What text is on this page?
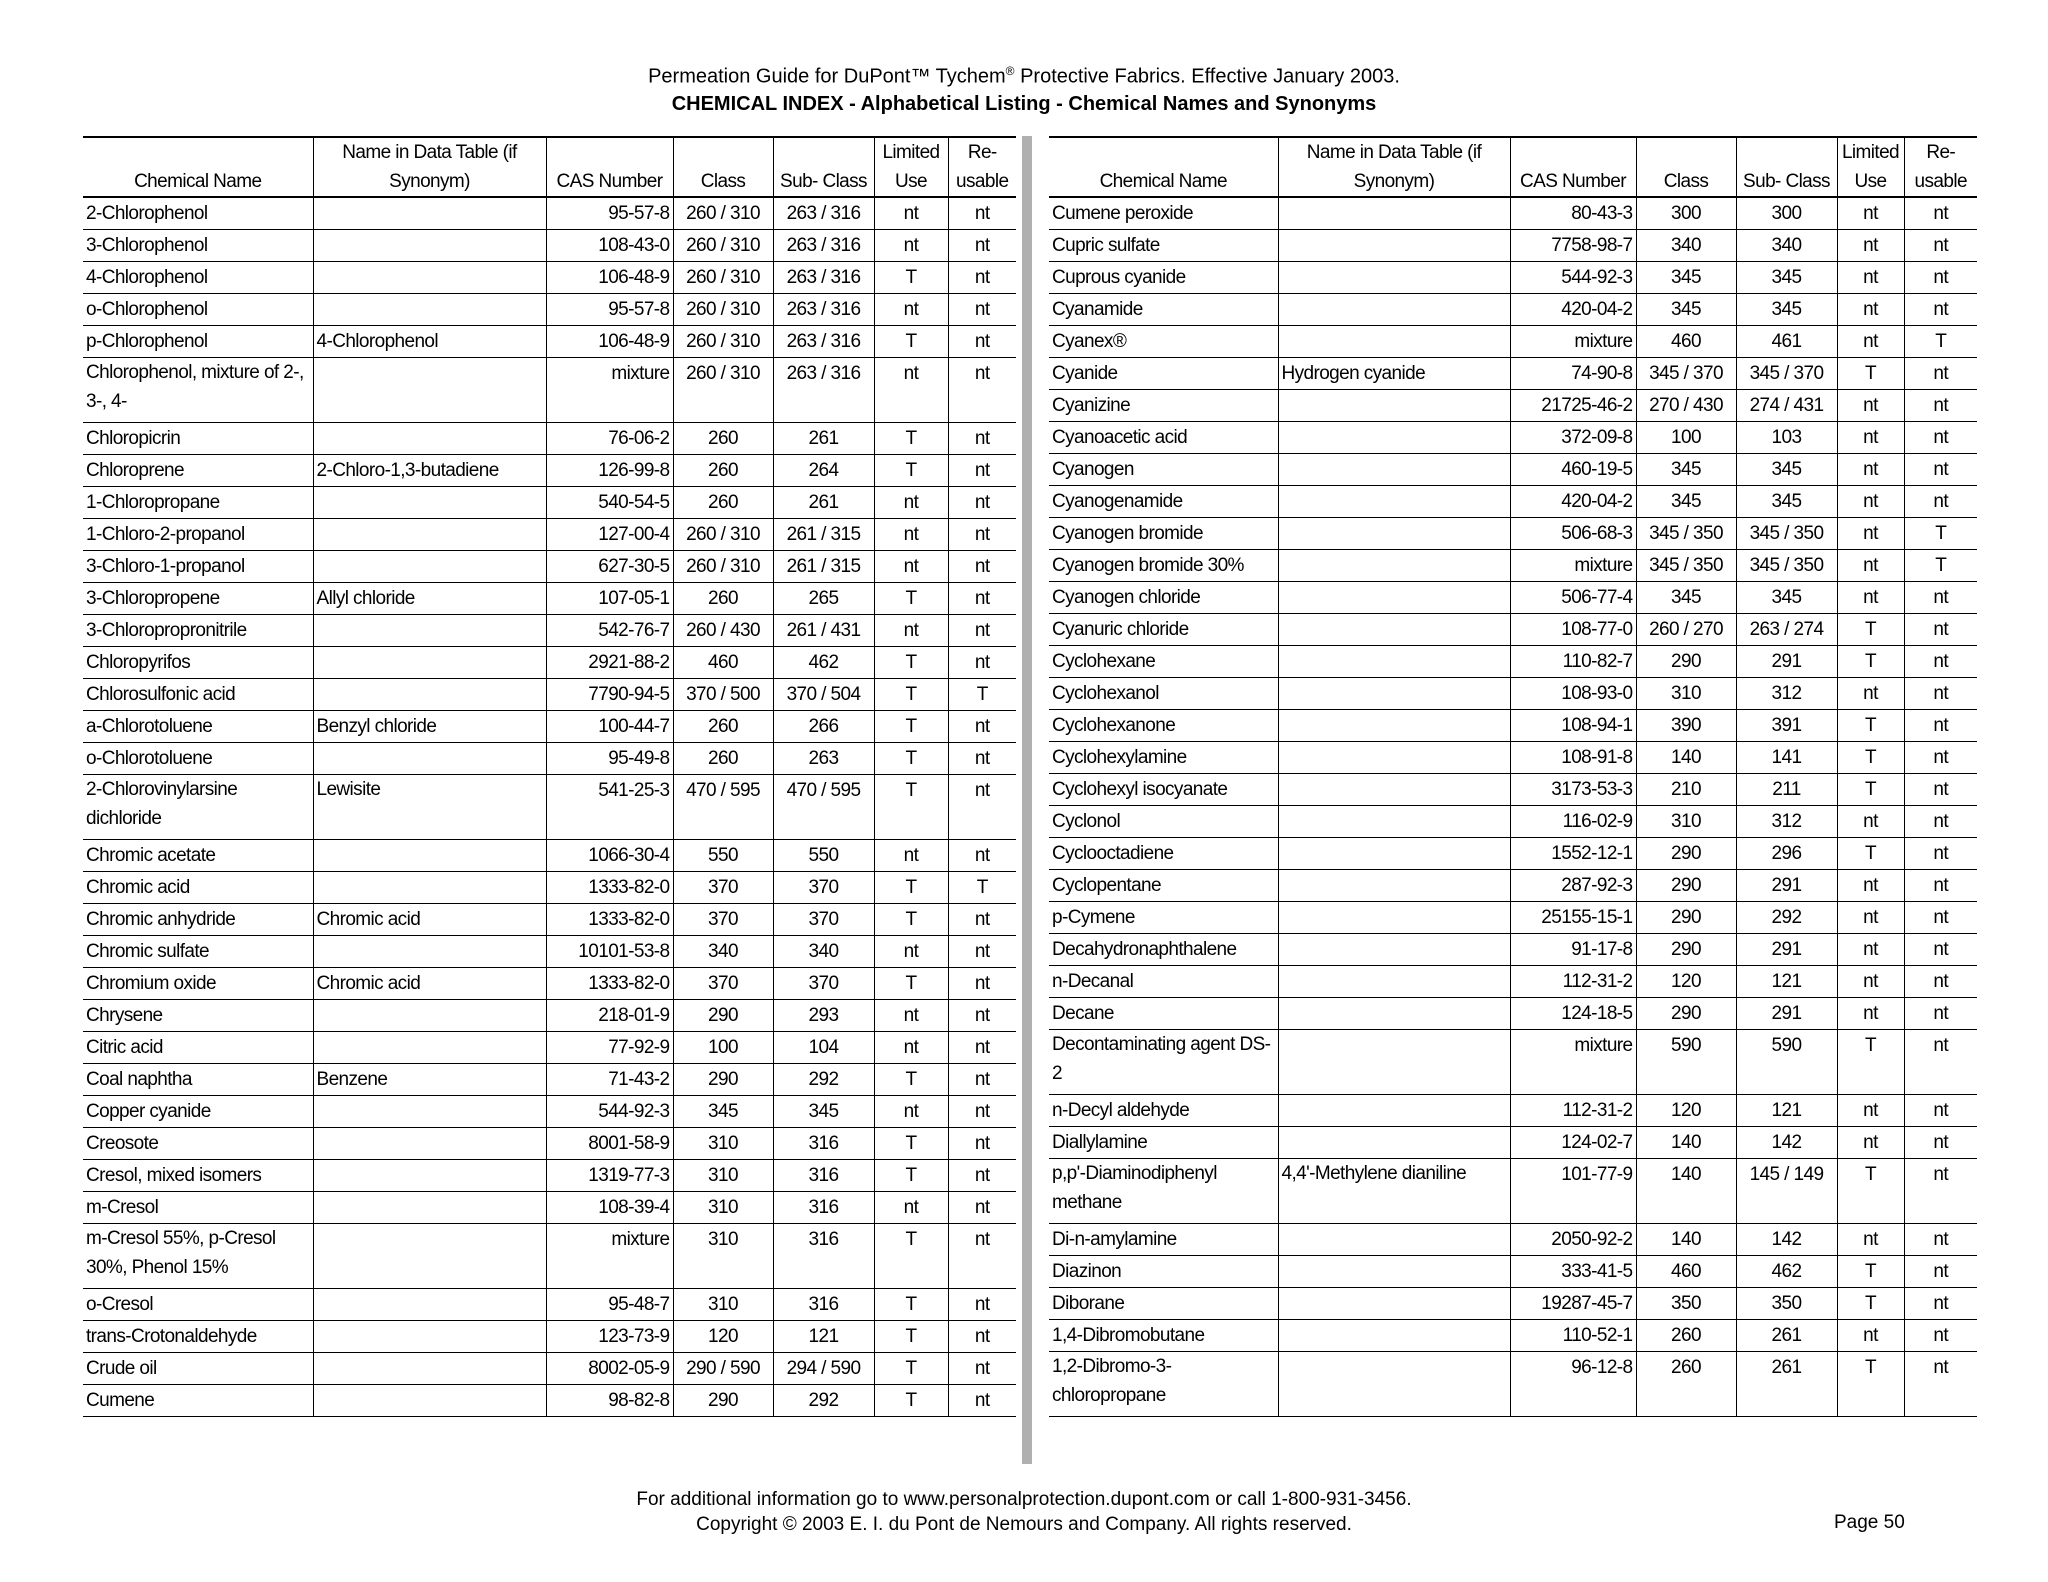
Permeation Guide for DuPont™ Tychem® Protective Fabrics. Effective January 2003.
CHEMICAL INDEX - Alphabetical Listing - Chemical Names and Synonyms
Chemical Name	Name in Data Table (if Synonym)	CAS Number	Class	Sub- Class	Limited Use	Re- usable
2-Chlorophenol		95-57-8	260 / 310	263 / 316	nt	nt
3-Chlorophenol		108-43-0	260 / 310	263 / 316	nt	nt
4-Chlorophenol		106-48-9	260 / 310	263 / 316	T	nt
o-Chlorophenol		95-57-8	260 / 310	263 / 316	nt	nt
p-Chlorophenol	4-Chlorophenol	106-48-9	260 / 310	263 / 316	T	nt
Chlorophenol, mixture of 2-, 3-, 4-		mixture	260 / 310	263 / 316	nt	nt
Chloropicrin		76-06-2	260	261	T	nt
Chloroprene	2-Chloro-1,3-butadiene	126-99-8	260	264	T	nt
1-Chloropropane		540-54-5	260	261	nt	nt
1-Chloro-2-propanol		127-00-4	260 / 310	261 / 315	nt	nt
3-Chloro-1-propanol		627-30-5	260 / 310	261 / 315	nt	nt
3-Chloropropene	Allyl chloride	107-05-1	260	265	T	nt
3-Chloropropronitrile		542-76-7	260 / 430	261 / 431	nt	nt
Chloropyrifos		2921-88-2	460	462	T	nt
Chlorosulfonic acid		7790-94-5	370 / 500	370 / 504	T	T
a-Chlorotoluene	Benzyl chloride	100-44-7	260	266	T	nt
o-Chlorotoluene		95-49-8	260	263	T	nt
2-Chlorovinylarsine dichloride	Lewisite	541-25-3	470 / 595	470 / 595	T	nt
Chromic acetate		1066-30-4	550	550	nt	nt
Chromic acid		1333-82-0	370	370	T	T
Chromic anhydride	Chromic acid	1333-82-0	370	370	T	nt
Chromic sulfate		10101-53-8	340	340	nt	nt
Chromium oxide	Chromic acid	1333-82-0	370	370	T	nt
Chrysene		218-01-9	290	293	nt	nt
Citric acid		77-92-9	100	104	nt	nt
Coal naphtha	Benzene	71-43-2	290	292	T	nt
Copper cyanide		544-92-3	345	345	nt	nt
Creosote		8001-58-9	310	316	T	nt
Cresol, mixed isomers		1319-77-3	310	316	T	nt
m-Cresol		108-39-4	310	316	nt	nt
m-Cresol 55%, p-Cresol 30%, Phenol 15%		mixture	310	316	T	nt
o-Cresol		95-48-7	310	316	T	nt
trans-Crotonaldehyde		123-73-9	120	121	T	nt
Crude oil		8002-05-9	290 / 590	294 / 590	T	nt
Cumene		98-82-8	290	292	T	nt
Chemical Name	Name in Data Table (if Synonym)	CAS Number	Class	Sub- Class	Limited Use	Re- usable
Cumene peroxide		80-43-3	300	300	nt	nt
Cupric sulfate		7758-98-7	340	340	nt	nt
Cuprous cyanide		544-92-3	345	345	nt	nt
Cyanamide		420-04-2	345	345	nt	nt
Cyanex®		mixture	460	461	nt	T
Cyanide	Hydrogen cyanide	74-90-8	345 / 370	345 / 370	T	nt
Cyanizine		21725-46-2	270 / 430	274 / 431	nt	nt
Cyanoacetic acid		372-09-8	100	103	nt	nt
Cyanogen		460-19-5	345	345	nt	nt
Cyanogenamide		420-04-2	345	345	nt	nt
Cyanogen bromide		506-68-3	345 / 350	345 / 350	nt	T
Cyanogen bromide 30%		mixture	345 / 350	345 / 350	nt	T
Cyanogen chloride		506-77-4	345	345	nt	nt
Cyanuric chloride		108-77-0	260 / 270	263 / 274	T	nt
Cyclohexane		110-82-7	290	291	T	nt
Cyclohexanol		108-93-0	310	312	nt	nt
Cyclohexanone		108-94-1	390	391	T	nt
Cyclohexylamine		108-91-8	140	141	T	nt
Cyclohexyl isocyanate		3173-53-3	210	211	T	nt
Cyclonol		116-02-9	310	312	nt	nt
Cyclooctadiene		1552-12-1	290	296	T	nt
Cyclopentane		287-92-3	290	291	nt	nt
p-Cymene		25155-15-1	290	292	nt	nt
Decahydronaphthalene		91-17-8	290	291	nt	nt
n-Decanal		112-31-2	120	121	nt	nt
Decane		124-18-5	290	291	nt	nt
Decontaminating agent DS-2		mixture	590	590	T	nt
n-Decyl aldehyde		112-31-2	120	121	nt	nt
Diallylamine		124-02-7	140	142	nt	nt
p,p'-Diaminodiphenyl methane	4,4'-Methylene dianiline	101-77-9	140	145 / 149	T	nt
Di-n-amylamine		2050-92-2	140	142	nt	nt
Diazinon		333-41-5	460	462	T	nt
Diborane		19287-45-7	350	350	T	nt
1,4-Dibromobutane		110-52-1	260	261	nt	nt
1,2-Dibromo-3-chloropropane		96-12-8	260	261	T	nt
For additional information go to www.personalprotection.dupont.com or call 1-800-931-3456.
Copyright © 2003 E. I. du Pont de Nemours and Company. All rights reserved.	Page 50
